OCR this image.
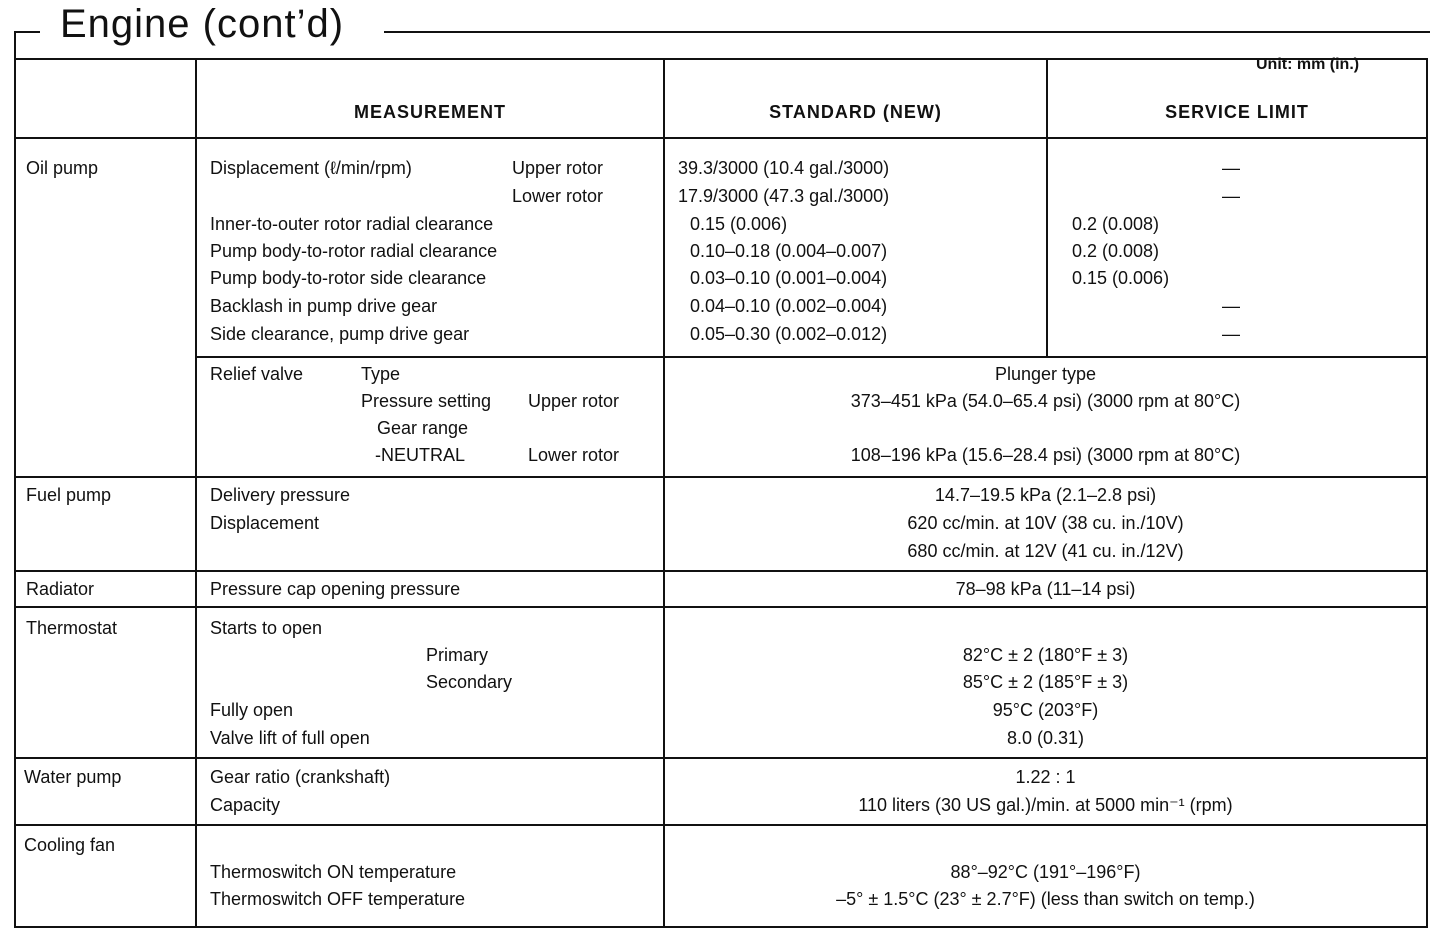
Engine (cont’d)
Unit: mm (in.)
MEASUREMENT	STANDARD (NEW)	SERVICE LIMIT
Oil pump	Displacement (ℓ/min/rpm)	Upper rotor	39.3/3000 (10.4 gal./3000)	—
Lower rotor	17.9/3000 (47.3 gal./3000)	—
Inner-to-outer rotor radial clearance	0.15 (0.006)	0.2 (0.008)
Pump body-to-rotor radial clearance	0.10–0.18 (0.004–0.007)	0.2 (0.008)
Pump body-to-rotor side clearance	0.03–0.10 (0.001–0.004)	0.15 (0.006)
Backlash in pump drive gear	0.04–0.10 (0.002–0.004)	—
Side clearance, pump drive gear	0.05–0.30 (0.002–0.012)	—
Relief valve	Type	Plunger type
Pressure setting Upper rotor	373–451 kPa (54.0–65.4 psi) (3000 rpm at 80°C)
Gear range
-NEUTRAL	Lower rotor	108–196 kPa (15.6–28.4 psi) (3000 rpm at 80°C)
Fuel pump	Delivery pressure	14.7–19.5 kPa (2.1–2.8 psi)
Displacement	620 cc/min. at 10V (38 cu. in./10V)
680 cc/min. at 12V (41 cu. in./12V)
Radiator	Pressure cap opening pressure	78–98 kPa (11–14 psi)
Thermostat	Starts to open
Primary	82°C ± 2 (180°F ± 3)
Secondary	85°C ± 2 (185°F ± 3)
Fully open	95°C (203°F)
Valve lift of full open	8.0 (0.31)
Water pump	Gear ratio (crankshaft)	1.22 : 1
Capacity	110 liters (30 US gal.)/min. at 5000 min⁻¹ (rpm)
Cooling fan
Thermoswitch ON temperature	88°–92°C (191°–196°F)
Thermoswitch OFF temperature	–5° ± 1.5°C (23° ± 2.7°F) (less than switch on temp.)
